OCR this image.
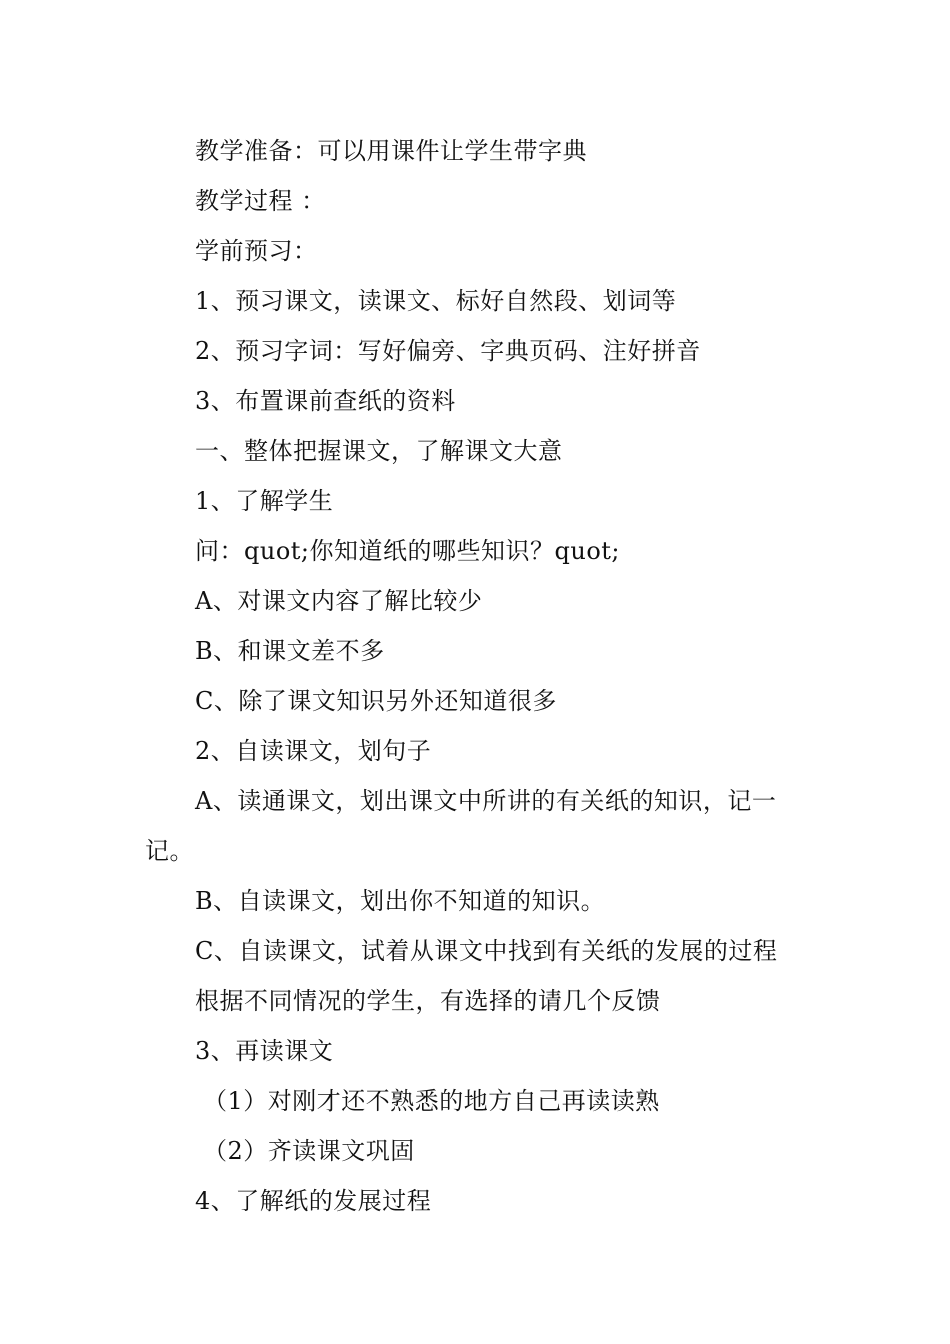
教学准备：可以用课件让学生带字典

教学过程 ：

学前预习：

1、预习课文，读课文、标好自然段、划词等

2、预习字词：写好偏旁、字典页码、注好拼音

3、布置课前查纸的资料

一、整体把握课文，了解课文大意

1、了解学生

问：quot;你知道纸的哪些知识？quot;

A、对课文内容了解比较少

B、和课文差不多

C、除了课文知识另外还知道很多

2、自读课文，划句子

A、读通课文，划出课文中所讲的有关纸的知识，记一记。

B、自读课文，划出你不知道的知识。

C、自读课文，试着从课文中找到有关纸的发展的过程

根据不同情况的学生，有选择的请几个反馈

3、再读课文

（1）对刚才还不熟悉的地方自己再读读熟

（2）齐读课文巩固

4、了解纸的发展过程
